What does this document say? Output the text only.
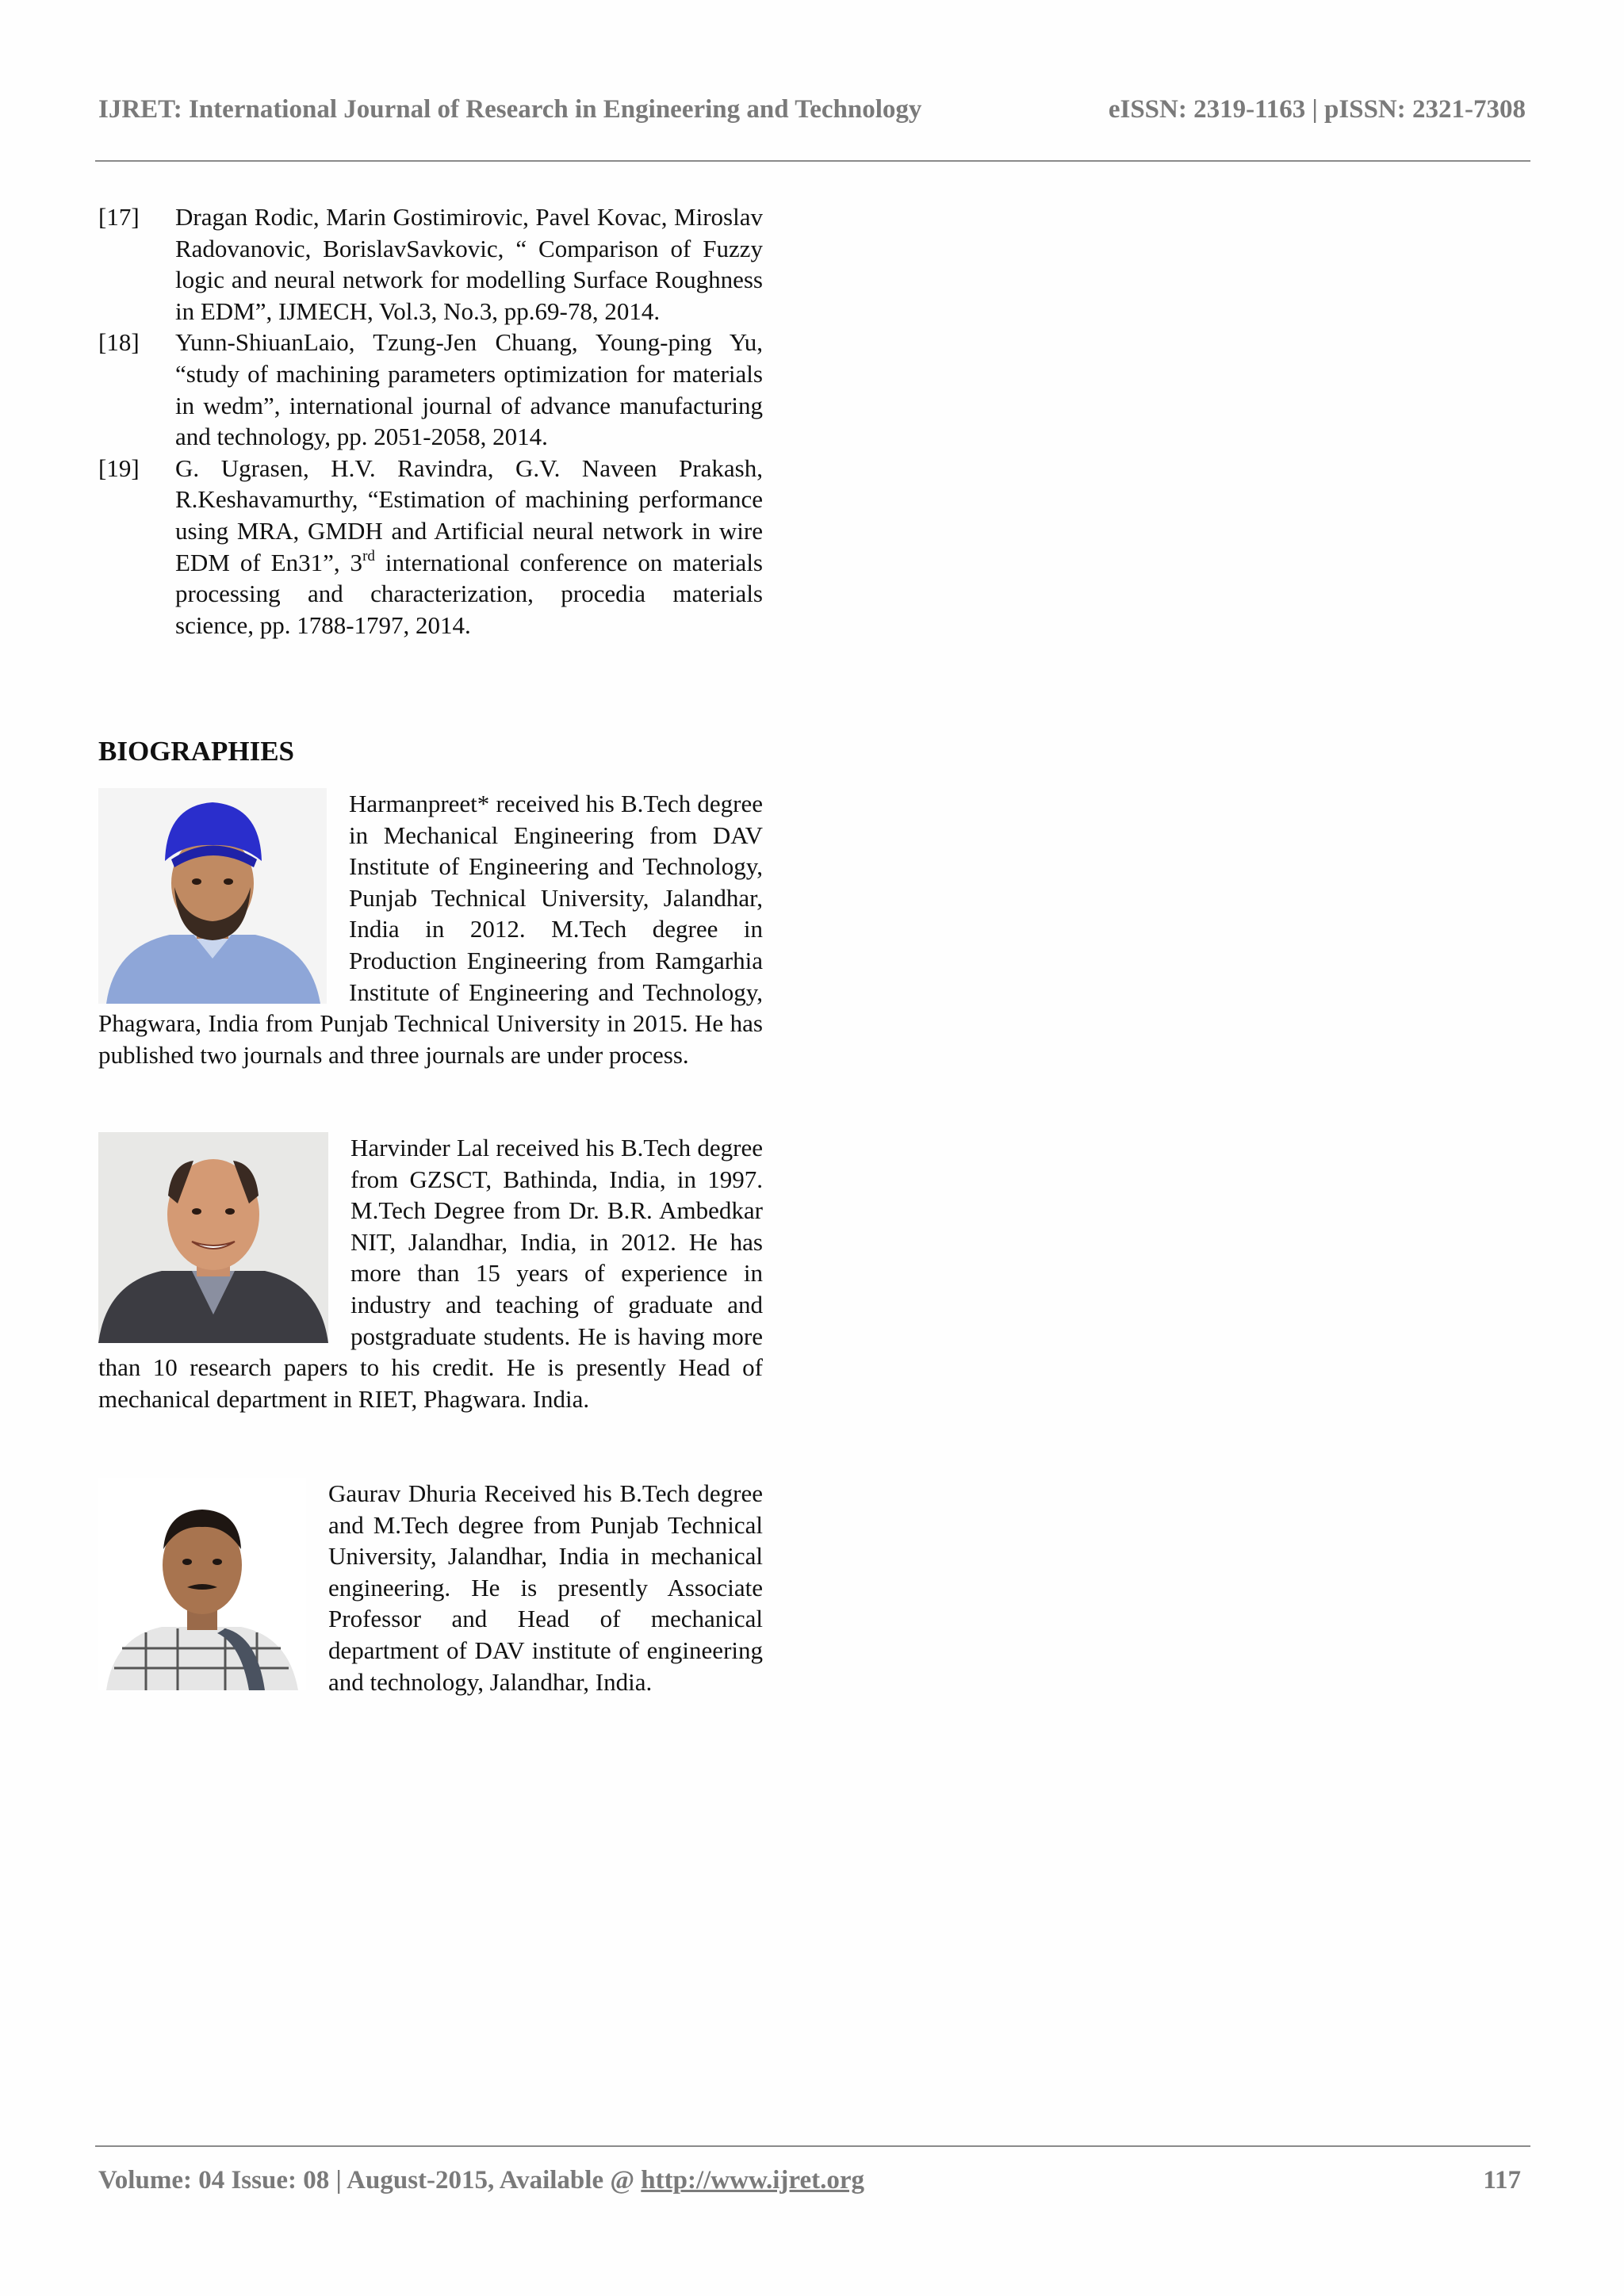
IJRET: International Journal of Research in Engineering and Technology	eISSN: 2319-1163 | pISSN: 2321-7308
[17]	Dragan Rodic, Marin Gostimirovic, Pavel Kovac, Miroslav Radovanovic, BorislavSavkovic, “ Comparison of Fuzzy logic and neural network for modelling Surface Roughness in EDM”, IJMECH, Vol.3, No.3, pp.69-78, 2014.
[18]	Yunn-ShiuanLaio, Tzung-Jen Chuang, Young-ping Yu, “study of machining parameters optimization for materials in wedm”, international journal of advance manufacturing and technology, pp. 2051-2058, 2014.
[19]	G. Ugrasen, H.V. Ravindra, G.V. Naveen Prakash, R.Keshavamurthy, “Estimation of machining performance using MRA, GMDH and Artificial neural network in wire EDM of En31”, 3rd international conference on materials processing and characterization, procedia materials science, pp. 1788-1797, 2014.
BIOGRAPHIES
Harmanpreet* received his B.Tech degree in Mechanical Engineering from DAV Institute of Engineering and Technology, Punjab Technical University, Jalandhar, India in 2012. M.Tech degree in Production Engineering from Ramgarhia Institute of Engineering and Technology, Phagwara, India from Punjab Technical University in 2015. He has published two journals and three journals are under process.
Harvinder Lal received his B.Tech degree from GZSCT, Bathinda, India, in 1997. M.Tech Degree from Dr. B.R. Ambedkar NIT, Jalandhar, India, in 2012. He has more than 15 years of experience in industry and teaching of graduate and postgraduate students. He is having more than 10 research papers to his credit. He is presently Head of mechanical department in RIET, Phagwara. India.
Gaurav Dhuria Received his B.Tech degree and M.Tech degree from Punjab Technical University, Jalandhar, India in mechanical engineering. He is presently Associate Professor and Head of mechanical department of DAV institute of engineering and technology, Jalandhar, India.
Volume: 04 Issue: 08 | August-2015, Available @ http://www.ijret.org	117
